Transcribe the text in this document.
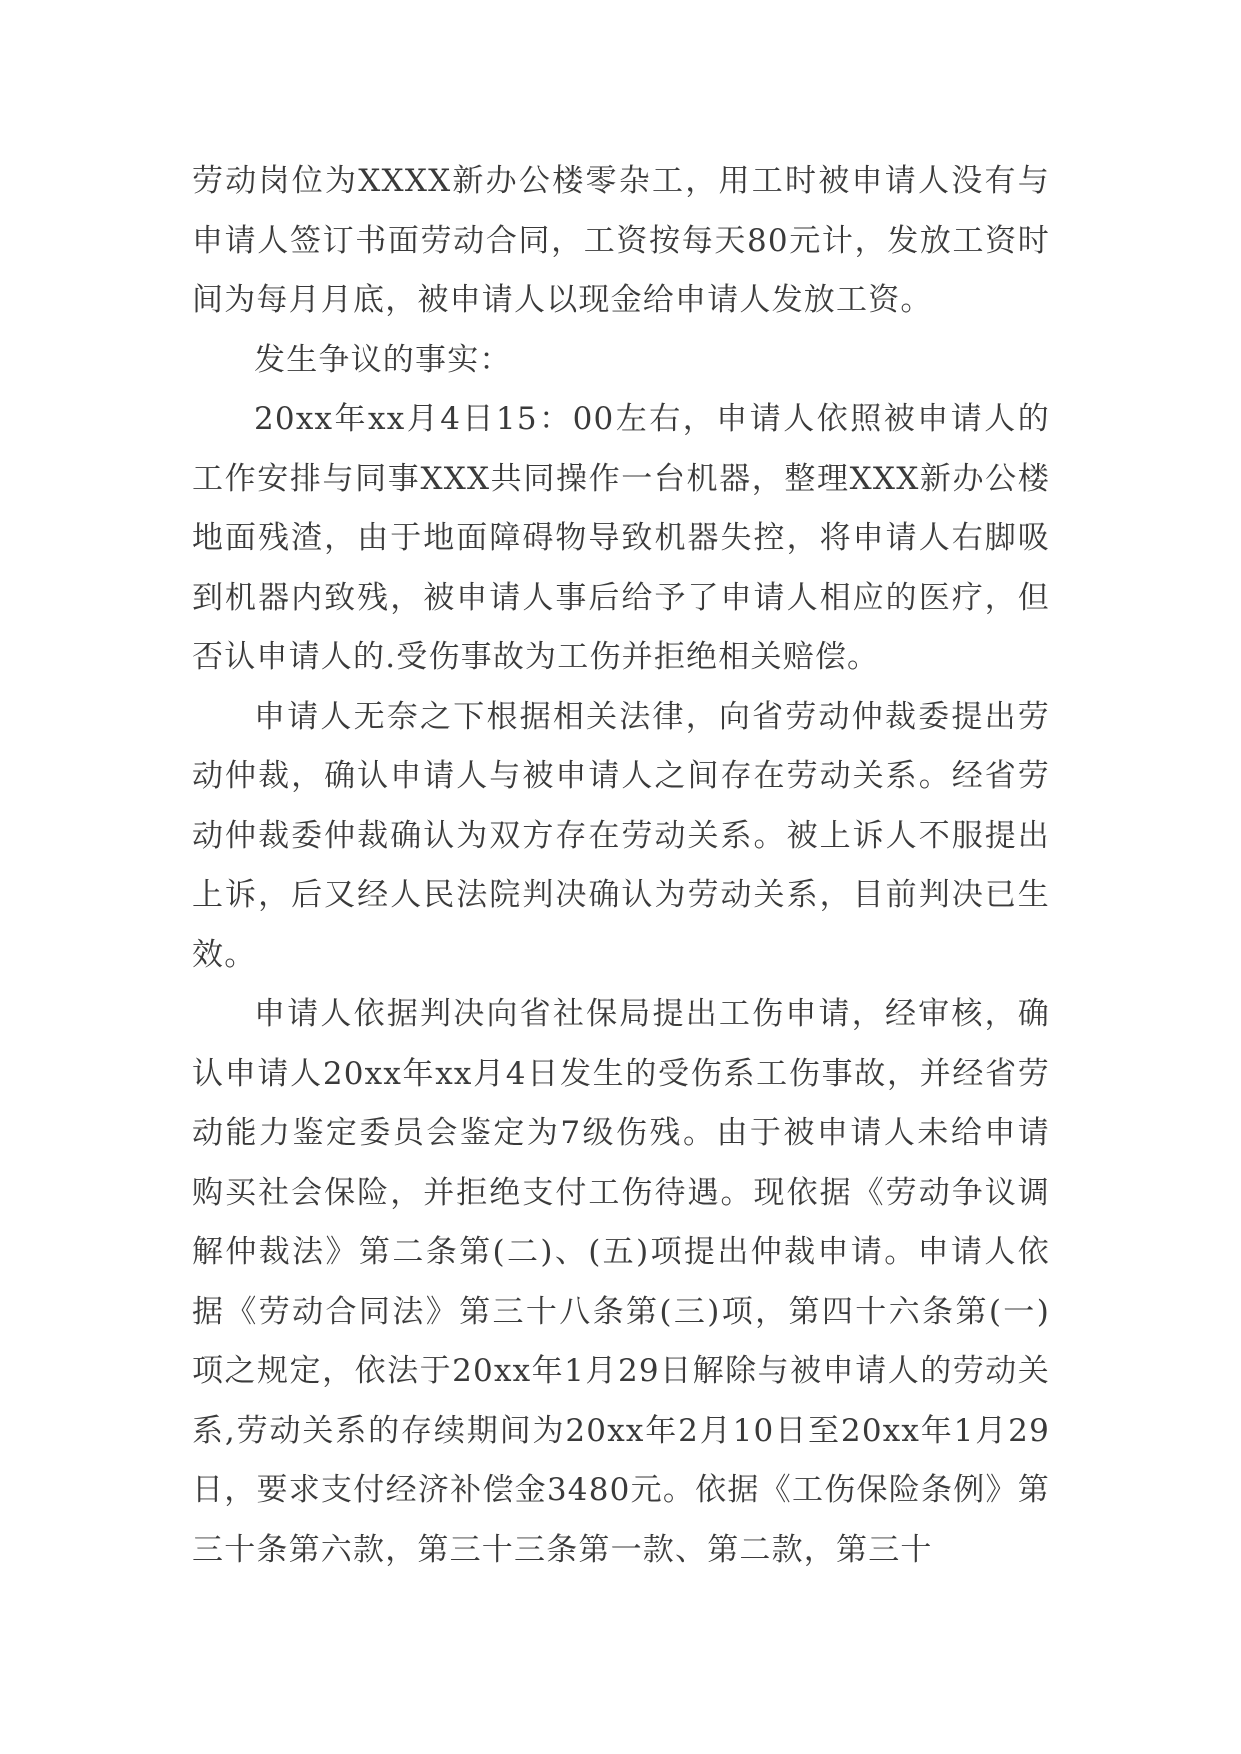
劳动岗位为XXXX新办公楼零杂工，用工时被申请人没有与申请人签订书面劳动合同，工资按每天80元计，发放工资时间为每月月底，被申请人以现金给申请人发放工资。

发生争议的事实：

20xx年xx月4日15：00左右，申请人依照被申请人的工作安排与同事XXX共同操作一台机器，整理XXX新办公楼地面残渣，由于地面障碍物导致机器失控，将申请人右脚吸到机器内致残，被申请人事后给予了申请人相应的医疗，但否认申请人的.受伤事故为工伤并拒绝相关赔偿。

申请人无奈之下根据相关法律，向省劳动仲裁委提出劳动仲裁，确认申请人与被申请人之间存在劳动关系。经省劳动仲裁委仲裁确认为双方存在劳动关系。被上诉人不服提出上诉，后又经人民法院判决确认为劳动关系，目前判决已生效。

申请人依据判决向省社保局提出工伤申请，经审核，确认申请人20xx年xx月4日发生的受伤系工伤事故，并经省劳动能力鉴定委员会鉴定为7级伤残。由于被申请人未给申请购买社会保险，并拒绝支付工伤待遇。现依据《劳动争议调解仲裁法》第二条第(二)、(五)项提出仲裁申请。申请人依据《劳动合同法》第三十八条第(三)项，第四十六条第(一)项之规定，依法于20xx年1月29日解除与被申请人的劳动关系,劳动关系的存续期间为20xx年2月10日至20xx年1月29日，要求支付经济补偿金3480元。依据《工伤保险条例》第三十条第六款，第三十三条第一款、第二款，第三十
